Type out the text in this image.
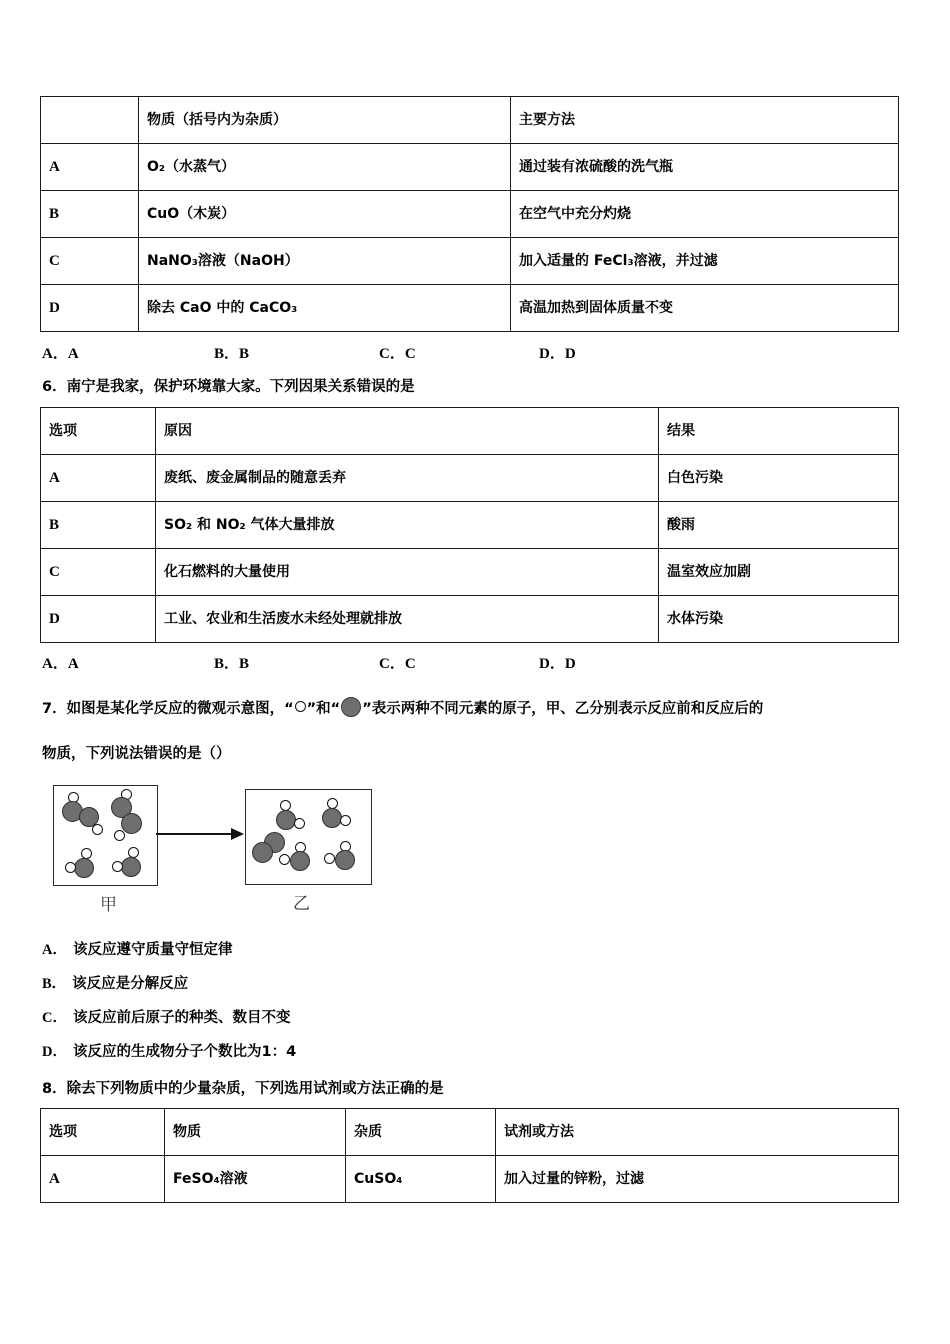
	物质（括号内为杂质）	主要方法
A	O₂（水蒸气）	通过装有浓硫酸的洗气瓶
B	CuO（木炭）	在空气中充分灼烧
C	NaNO₃溶液（NaOH）	加入适量的 FeCl₃溶液，并过滤
D	除去 CaO 中的 CaCO₃	高温加热到固体质量不变
A．A	B．B	C．C	D．D
6．南宁是我家，保护环境靠大家。下列因果关系错误的是
选项	原因	结果
A	废纸、废金属制品的随意丢弃	白色污染
B	SO₂ 和 NO₂ 气体大量排放	酸雨
C	化石燃料的大量使用	温室效应加剧
D	工业、农业和生活废水未经处理就排放	水体污染
A．A	B．B	C．C	D．D
7．如图是某化学反应的微观示意图，“ ”和“ ”表示两种不同元素的原子，甲、乙分别表示反应前和反应后的
物质，下列说法错误的是（）
甲	乙
A． 该反应遵守质量守恒定律
B． 该反应是分解反应
C． 该反应前后原子的种类、数目不变
D． 该反应的生成物分子个数比为1：4
8．除去下列物质中的少量杂质，下列选用试剂或方法正确的是
选项	物质	杂质	试剂或方法
A	FeSO₄溶液	CuSO₄	加入过量的锌粉，过滤
